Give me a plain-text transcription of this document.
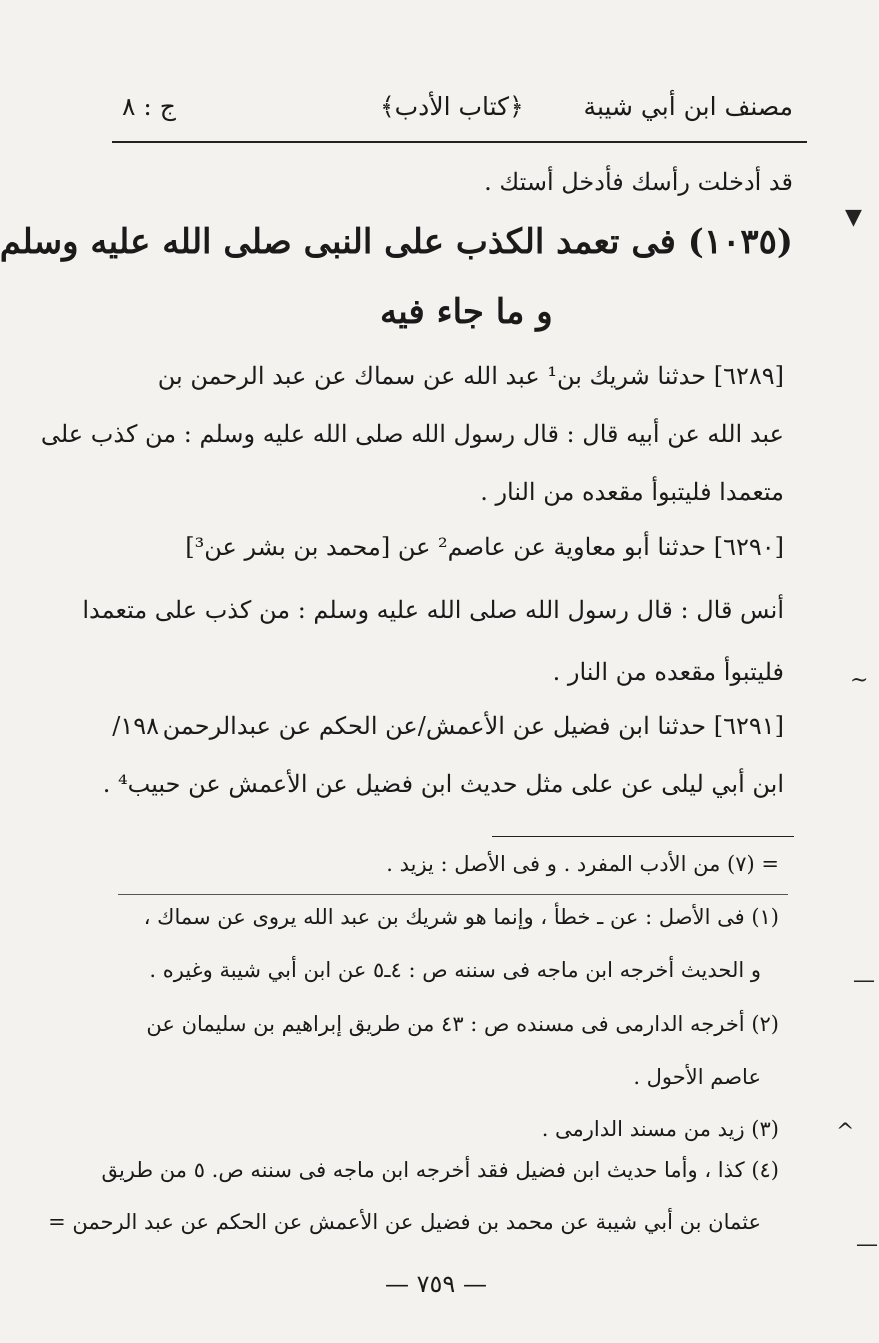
مصنف ابن أبي شيبة
﴿كتاب الأدب﴾
ج : ٨
قد أدخلت رأسك فأدخل أستك .
(١٠٣٥) فى تعمد الكذب على النبى صلى الله عليه وسلم
و ما جاء فيه
[٦٢٨٩] حدثنا شريك بن¹ عبد الله عن سماك عن عبد الرحمن بن
عبد الله عن أبيه قال : قال رسول الله صلى الله عليه وسلم : من كذب على
متعمدا فليتبوأ مقعده من النار .
[٦٢٩٠] حدثنا أبو معاوية عن عاصم² عن [محمد بن بشر عن³]
أنس قال : قال رسول الله صلى الله عليه وسلم : من كذب على متعمدا
فليتبوأ مقعده من النار .
١٩٨/ [٦٢٩١] حدثنا ابن فضيل عن الأعمش/عن الحكم عن عبدالرحمن
ابن أبي ليلى عن على مثل حديث ابن فضيل عن الأعمش عن حبيب⁴ .
= (٧) من الأدب المفرد . و فى الأصل : يزيد .
(١) فى الأصل : عن ـ خطأ ، وإنما هو شريك بن عبد الله يروى عن سماك ،
و الحديث أخرجه ابن ماجه فى سننه ص : ٤ـ٥ عن ابن أبي شيبة وغيره .
(٢) أخرجه الدارمى فى مسنده ص : ٤٣ من طريق إبراهيم بن سليمان عن
عاصم الأحول .
(٣) زيد من مسند الدارمى .
(٤) كذا ، وأما حديث ابن فضيل فقد أخرجه ابن ماجه فى سننه ص. ٥ من طريق
عثمان بن أبي شيبة عن محمد بن فضيل عن الأعمش عن الحكم عن عبد الرحمن =
— ٧٥٩ —
▼
~
—
^
—
